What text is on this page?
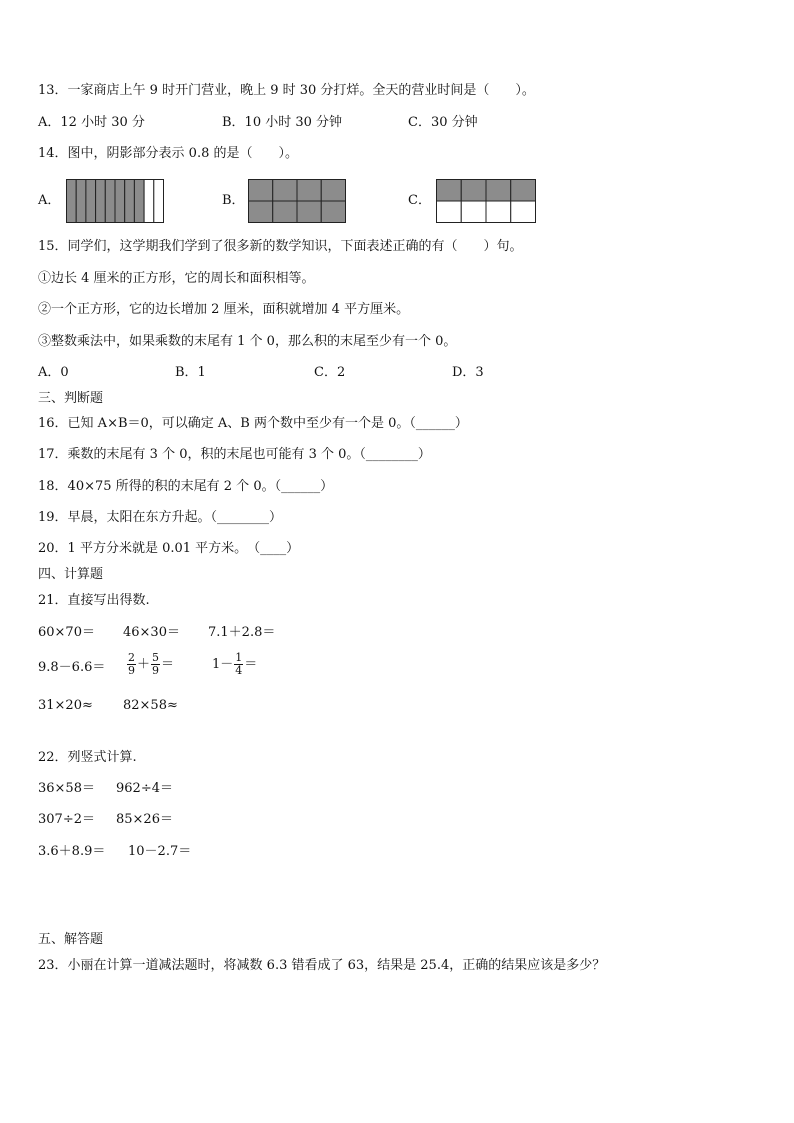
13．一家商店上午 9 时开门营业，晚上 9 时 30 分打烊。全天的营业时间是（　　）。
A．12 小时 30 分	B．10 小时 30 分钟	C．30 分钟
14．图中，阴影部分表示 0.8 的是（　　）。
A．	B．	C．
15．同学们，这学期我们学到了很多新的数学知识，下面表述正确的有（　　）句。
①边长 4 厘米的正方形，它的周长和面积相等。
②一个正方形，它的边长增加 2 厘米，面积就增加 4 平方厘米。
③整数乘法中，如果乘数的末尾有 1 个 0，那么积的末尾至少有一个 0。
A．0	B．1	C．2	D．3
三、判断题
16．已知 A×B＝0，可以确定 A、B 两个数中至少有一个是 0。（______）
17．乘数的末尾有 3 个 0，积的末尾也可能有 3 个 0。（________）
18．40×75 所得的积的末尾有 2 个 0。（______）
19．早晨，太阳在东方升起。（________）
20．1 平方分米就是 0.01 平方米。　（____）
四、计算题
21．直接写出得数.
60×70＝ 46×30＝ 7.1＋2.8＝
$9.8-6.6= \frac{2}{9} + \frac{5}{9}$ ＝	$1- \frac{1}{4}$ ＝
31×20≈ 82×58≈
22．列竖式计算.
36×58＝ 962÷4＝
307÷2＝ 85×26＝
3.6＋8.9＝ 10－2.7＝
五、解答题
23．小丽在计算一道减法题时，将减数 6.3 错看成了 63，结果是 25.4，正确的结果应该是多少？
